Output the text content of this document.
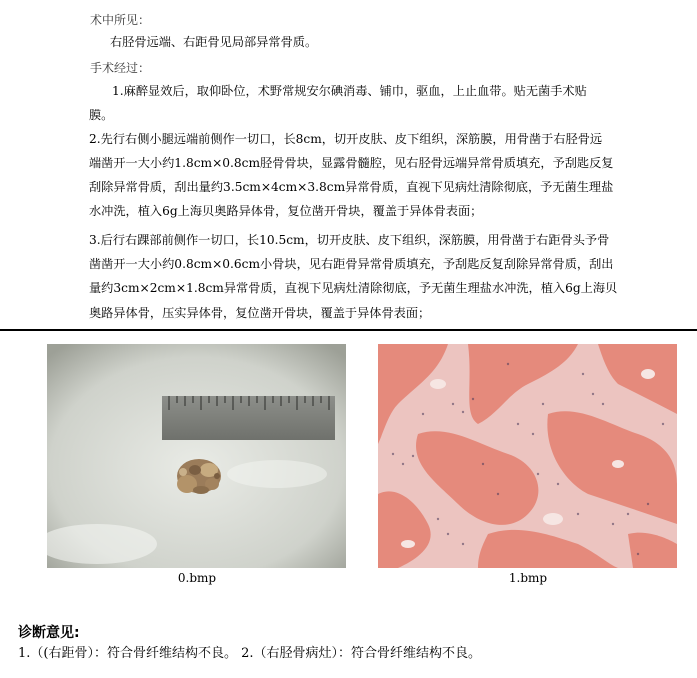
术中所见：
右胫骨远端、右距骨见局部异常骨质。
手术经过：
1.麻醉显效后，取仰卧位，术野常规安尔碘消毒、铺巾，驱血，上止血带。贴无菌手术贴
膜。
2.先行右侧小腿远端前侧作一切口，长8cm，切开皮肤、皮下组织，深筋膜，用骨凿于右胫骨远
端凿开一大小约1.8cm×0.8cm胫骨骨块，显露骨髓腔，见右胫骨远端异常骨质填充，予刮匙反复
刮除异常骨质，刮出量约3.5cm×4cm×3.8cm异常骨质，直视下见病灶清除彻底，予无菌生理盐
水冲洗，植入6g上海贝奥路异体骨，复位凿开骨块，覆盖于异体骨表面；
3.后行右踝部前侧作一切口，长10.5cm，切开皮肤、皮下组织，深筋膜，用骨凿于右距骨头予骨
凿凿开一大小约0.8cm×0.6cm小骨块，见右距骨异常骨质填充，予刮匙反复刮除异常骨质，刮出
量约3cm×2cm×1.8cm异常骨质，直视下见病灶清除彻底，予无菌生理盐水冲洗，植入6g上海贝
奥路异体骨，压实异体骨，复位凿开骨块，覆盖于异体骨表面；
0.bmp	1.bmp
诊断意见:
1.（(右距骨）：符合骨纤维结构不良。 2.（右胫骨病灶）：符合骨纤维结构不良。
